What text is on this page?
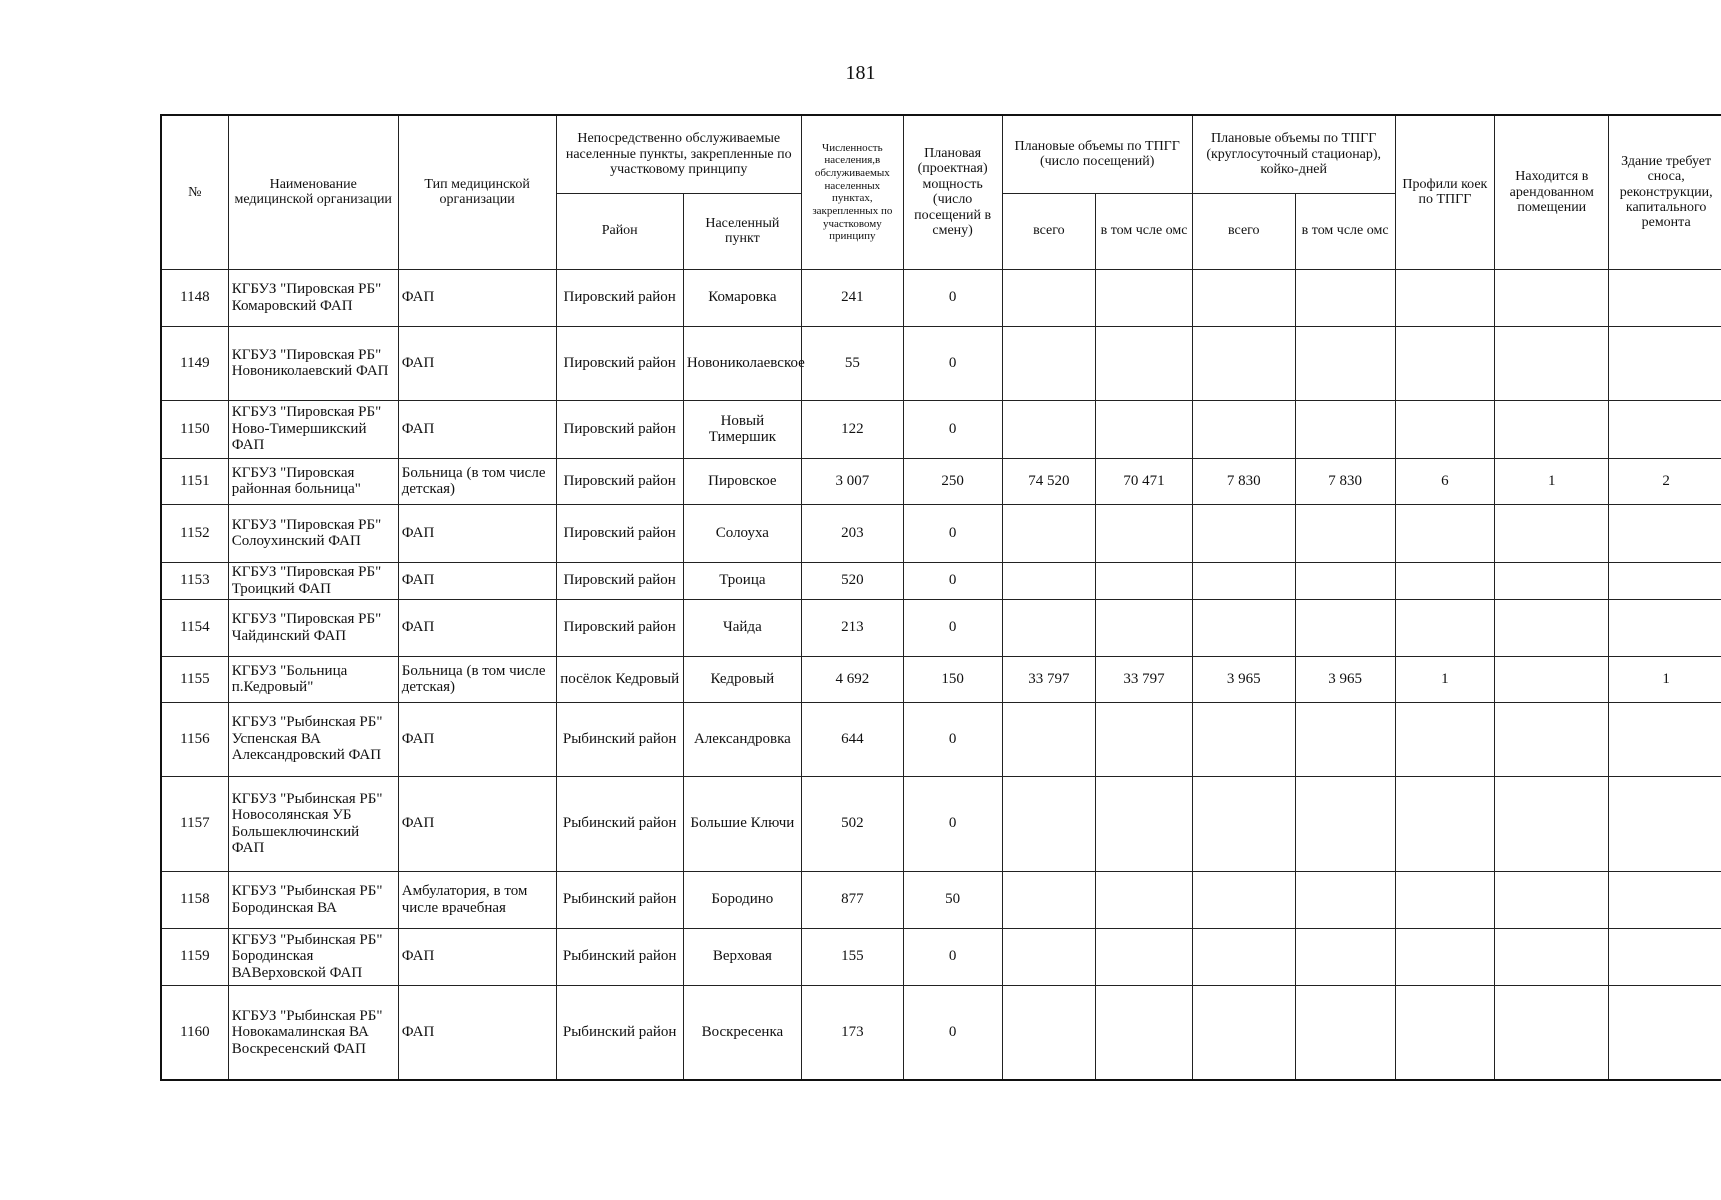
181
№	Наименование медицинской организации	Тип медицинской организации	Непосредственно обслуживаемые населенные пункты, закрепленные по участковому принципу		Численность населения,в обслуживаемых населенных пунктах, закрепленных по участковому принципу	Плановая (проектная) мощность (число посещений в смену)	Плановые объемы по ТПГГ (число посещений)		Плановые объемы по ТПГГ (круглосуточный стационар), койко-дней		Профили коек по ТПГГ	Находится в арендованном помещении	Здание требует сноса, реконструкции, капитального ремонта
			Район	Населенный пункт			всего	в том чсле омс	всего	в том чсле омс			
1148	КГБУЗ "Пировская РБ" Комаровский ФАП	ФАП	Пировский район	Комаровка	241	0							
1149	КГБУЗ "Пировская РБ" Новониколаевский ФАП	ФАП	Пировский район	Новониколаевское	55	0							
1150	КГБУЗ "Пировская РБ" Ново-Тимершикский ФАП	ФАП	Пировский район	Новый Тимершик	122	0							
1151	КГБУЗ "Пировская районная больница"	Больница (в том числе детская)	Пировский район	Пировское	3 007	250	74 520	70 471	7 830	7 830	6	1	2
1152	КГБУЗ "Пировская РБ" Солоухинский ФАП	ФАП	Пировский район	Солоуха	203	0							
1153	КГБУЗ "Пировская РБ" Троицкий ФАП	ФАП	Пировский район	Троица	520	0							
1154	КГБУЗ "Пировская РБ" Чайдинский ФАП	ФАП	Пировский район	Чайда	213	0							
1155	КГБУЗ "Больница п.Кедровый"	Больница (в том числе детская)	посёлок Кедровый	Кедровый	4 692	150	33 797	33 797	3 965	3 965	1		1
1156	КГБУЗ "Рыбинская РБ" Успенская ВА Александровский ФАП	ФАП	Рыбинский район	Александровка	644	0							
1157	КГБУЗ "Рыбинская РБ" Новосолянская УБ Большеключинский ФАП	ФАП	Рыбинский район	Большие Ключи	502	0							
1158	КГБУЗ "Рыбинская РБ" Бородинская ВА	Амбулатория, в том числе врачебная	Рыбинский район	Бородино	877	50							
1159	КГБУЗ "Рыбинская РБ" Бородинская ВАВерховской ФАП	ФАП	Рыбинский район	Верховая	155	0							
1160	КГБУЗ "Рыбинская РБ" Новокамалинская ВА Воскресенский ФАП	ФАП	Рыбинский район	Воскресенка	173	0							
